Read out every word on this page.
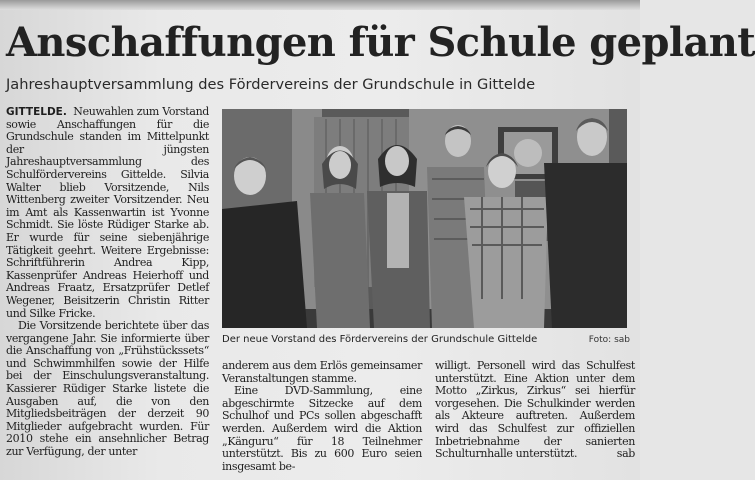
Anschaffungen für Schule geplant
Jahreshauptversammlung des Fördervereins der Grundschule in Gittelde

GITTELDE. Neuwahlen zum Vorstand sowie Anschaffungen für die Grundschule standen im Mittelpunkt der jüngsten Jahreshauptversammlung des Schulfördervereins Gittelde. Silvia Walter blieb Vorsitzende, Nils Wittenberg zweiter Vorsitzender. Neu im Amt als Kassenwartin ist Yvonne Schmidt. Sie löste Rüdiger Starke ab. Er wurde für seine siebenjährige Tätigkeit geehrt. Weitere Ergebnisse: Schriftführerin Andrea Kipp, Kassenprüfer Andreas Heierhoff und Andreas Fraatz, Ersatzprüfer Detlef Wegener, Beisitzerin Christin Ritter und Silke Fricke.

Die Vorsitzende berichtete über das vergangene Jahr. Sie informierte über die Anschaffung von „Frühstückssets“ und Schwimmhilfen sowie der Hilfe bei der Einschulungsveranstaltung. Kassierer Rüdiger Starke listete die Ausgaben auf, die von den Mitgliedsbeiträgen der derzeit 90 Mitglieder aufgebracht wurden. Für 2010 stehe ein ansehnlicher Betrag zur Verfügung, der unter

Der neue Vorstand des Fördervereins der Grundschule Gittelde	Foto: sab

anderem aus dem Erlös gemeinsamer Veranstaltungen stamme.

Eine DVD-Sammlung, eine abgeschirmte Sitzecke auf dem Schulhof und PCs sollen abgeschafft werden. Außerdem wird die Aktion „Känguru“ für 18 Teilnehmer unterstützt. Bis zu 600 Euro seien insgesamt be-

willigt. Personell wird das Schulfest unterstützt. Eine Aktion unter dem Motto „Zirkus, Zirkus“ sei hierfür vorgesehen. Die Schulkinder werden als Akteure auftreten. Außerdem wird das Schulfest zur offiziellen Inbetriebnahme der sanierten Schulturnhalle unterstützt.	sab
